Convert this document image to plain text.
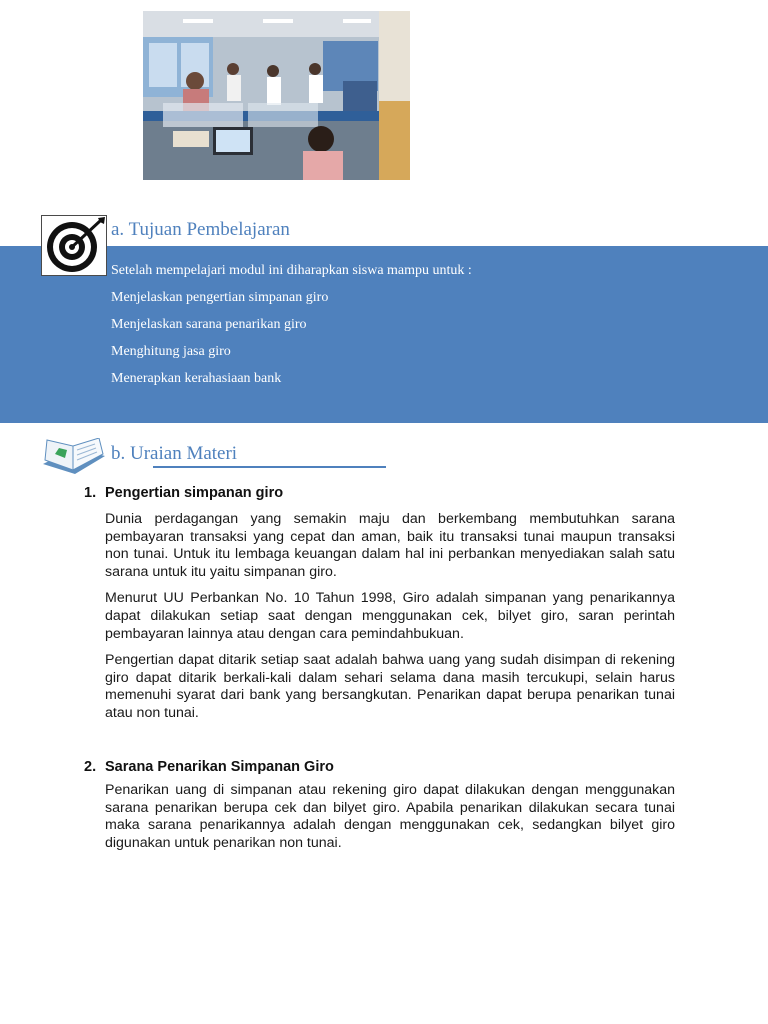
a. Tujuan Pembelajaran
Setelah mempelajari modul ini diharapkan siswa mampu untuk :
Menjelaskan pengertian simpanan giro
Menjelaskan sarana penarikan giro
Menghitung jasa giro
Menerapkan kerahasiaan bank
b. Uraian Materi
1. Pengertian simpanan giro
Dunia perdagangan yang semakin maju dan berkembang membutuhkan sarana pembayaran transaksi yang cepat dan aman, baik itu transaksi tunai maupun transaksi non tunai. Untuk itu lembaga keuangan dalam hal ini perbankan menyediakan salah satu sarana untuk itu yaitu simpanan giro.
Menurut UU Perbankan No. 10 Tahun 1998, Giro adalah simpanan yang penarikannya dapat dilakukan setiap saat dengan menggunakan cek, bilyet giro, saran perintah pembayaran lainnya atau dengan cara pemindahbukuan.
Pengertian dapat ditarik setiap saat adalah bahwa uang yang sudah disimpan di rekening giro dapat ditarik berkali-kali dalam sehari selama dana masih tercukupi, selain harus memenuhi syarat dari bank yang bersangkutan. Penarikan dapat berupa penarikan tunai atau non tunai.
2. Sarana Penarikan Simpanan Giro
Penarikan uang di simpanan atau rekening giro dapat dilakukan dengan menggunakan sarana penarikan berupa cek dan bilyet giro. Apabila penarikan dilakukan secara tunai maka sarana penarikannya adalah dengan menggunakan cek, sedangkan bilyet giro digunakan untuk penarikan non tunai.
